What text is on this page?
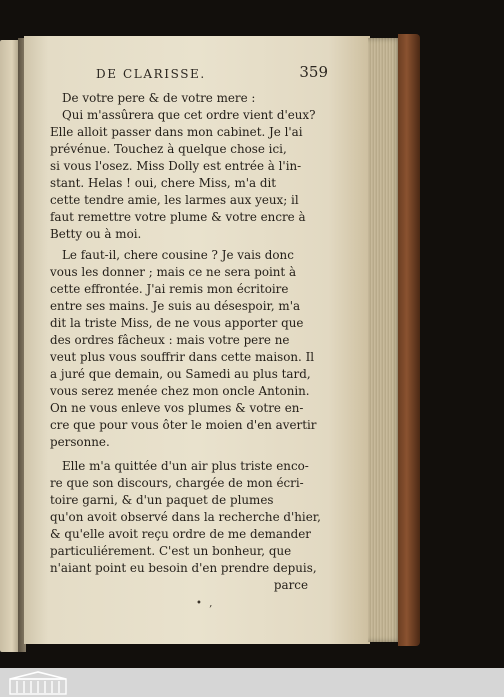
DE CLARISSE.	359
De votre pere & de votre mere :
Qui m'assûrera que cet ordre vient d'eux?
Elle alloit passer dans mon cabinet. Je l'ai
prévénue. Touchez à quelque chose ici,
si vous l'osez. Miss Dolly est entrée à l'in-
stant. Helas ! oui, chere Miss, m'a dit
cette tendre amie, les larmes aux yeux; il
faut remettre votre plume & votre encre à
Betty ou à moi.
Le faut-il, chere cousine ? Je vais donc
vous les donner ; mais ce ne sera point à
cette effrontée. J'ai remis mon écritoire
entre ses mains. Je suis au désespoir, m'a
dit la triste Miss, de ne vous apporter que
des ordres fâcheux : mais votre pere ne
veut plus vous souffrir dans cette maison. Il
a juré que demain, ou Samedi au plus tard,
vous serez menée chez mon oncle Antonin.
On ne vous enleve vos plumes & votre en-
cre que pour vous ôter le moien d'en avertir
personne.
Elle m'a quittée d'un air plus triste enco-
re que son discours, chargée de mon écri-
toire garni, & d'un paquet de plumes
qu'on avoit observé dans la recherche d'hier,
& qu'elle avoit reçu ordre de me demander
particuliérement. C'est un bonheur, que
n'aiant point eu besoin d'en prendre depuis,
parce
• ‚
